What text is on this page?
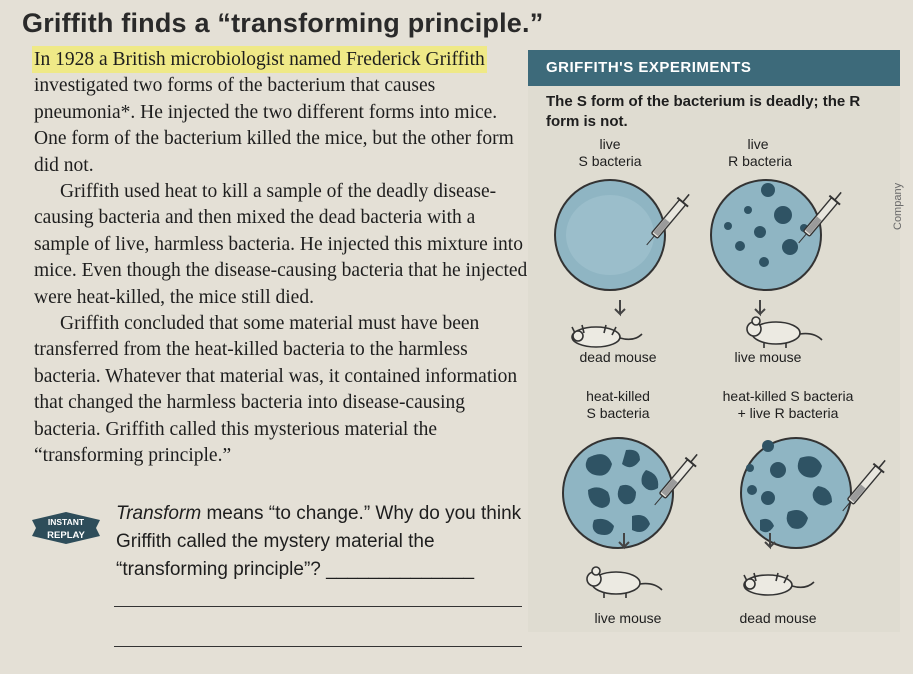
Griffith finds a “transforming principle.”

In 1928 a British microbiologist named Frederick Griffith investigated two forms of the bacterium that causes pneumonia*. He injected the two different forms into mice. One form of the bacterium killed the mice, but the other form did not.

Griffith used heat to kill a sample of the deadly disease-causing bacteria and then mixed the dead bacteria with a sample of live, harmless bacteria. He injected this mixture into mice. Even though the disease-causing bacteria that he injected were heat-killed, the mice still died.

Griffith concluded that some material must have been transferred from the heat-killed bacteria to the harmless bacteria. Whatever that material was, it contained information that changed the harmless bacteria into disease-causing bacteria. Griffith called this mysterious material the “transforming principle.”

INSTANT
REPLAY
Transform means “to change.” Why do you think Griffith called the mystery material the “transforming principle”? ______________
GRIFFITH'S EXPERIMENTS
The S form of the bacterium is deadly; the R form is not.
live
S bacteria
live
R bacteria
dead mouse	live mouse
heat-killed
S bacteria
heat-killed S bacteria
+ live R bacteria
live mouse	dead mouse
Company
